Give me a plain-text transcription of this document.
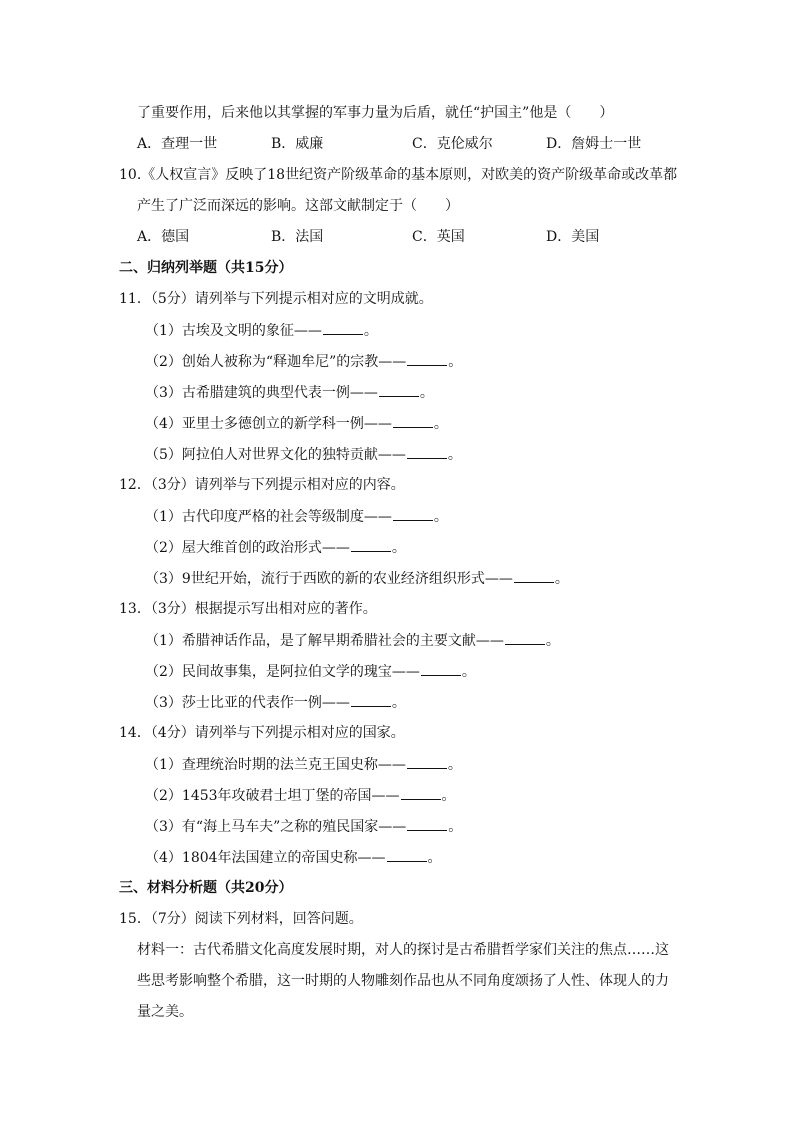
了重要作用，后来他以其掌握的军事力量为后盾，就任“护国主”他是（　　）
A．查理一世	B．威廉	C．克伦威尔	D．詹姆士一世
10.《人权宣言》反映了18世纪资产阶级革命的基本原则，对欧美的资产阶级革命或改革都
产生了广泛而深远的影响。这部文献制定于（　　）
A．德国	B．法国	C．英国	D．美国
二、归纳列举题（共15分）
11．（5分）请列举与下列提示相对应的文明成就。
（1）古埃及文明的象征——	。
（2）创始人被称为“释迦牟尼”的宗教——	。
（3）古希腊建筑的典型代表一例——	。
（4）亚里士多德创立的新学科一例——	。
（5）阿拉伯人对世界文化的独特贡献——	。
12．（3分）请列举与下列提示相对应的内容。
（1）古代印度严格的社会等级制度——	。
（2）屋大维首创的政治形式——	。
（3）9世纪开始，流行于西欧的新的农业经济组织形式——	。
13．（3分）根据提示写出相对应的著作。
（1）希腊神话作品，是了解早期希腊社会的主要文献——	。
（2）民间故事集，是阿拉伯文学的瑰宝——	。
（3）莎士比亚的代表作一例——	。
14．（4分）请列举与下列提示相对应的国家。
（1）查理统治时期的法兰克王国史称——	。
（2）1453年攻破君士坦丁堡的帝国——	。
（3）有“海上马车夫”之称的殖民国家——	。
（4）1804年法国建立的帝国史称——	。
三、材料分析题（共20分）
15．（7分）阅读下列材料，回答问题。
材料一：古代希腊文化高度发展时期，对人的探讨是古希腊哲学家们关注的焦点……这
些思考影响整个希腊，这一时期的人物雕刻作品也从不同角度颂扬了人性、体现人的力
量之美。
